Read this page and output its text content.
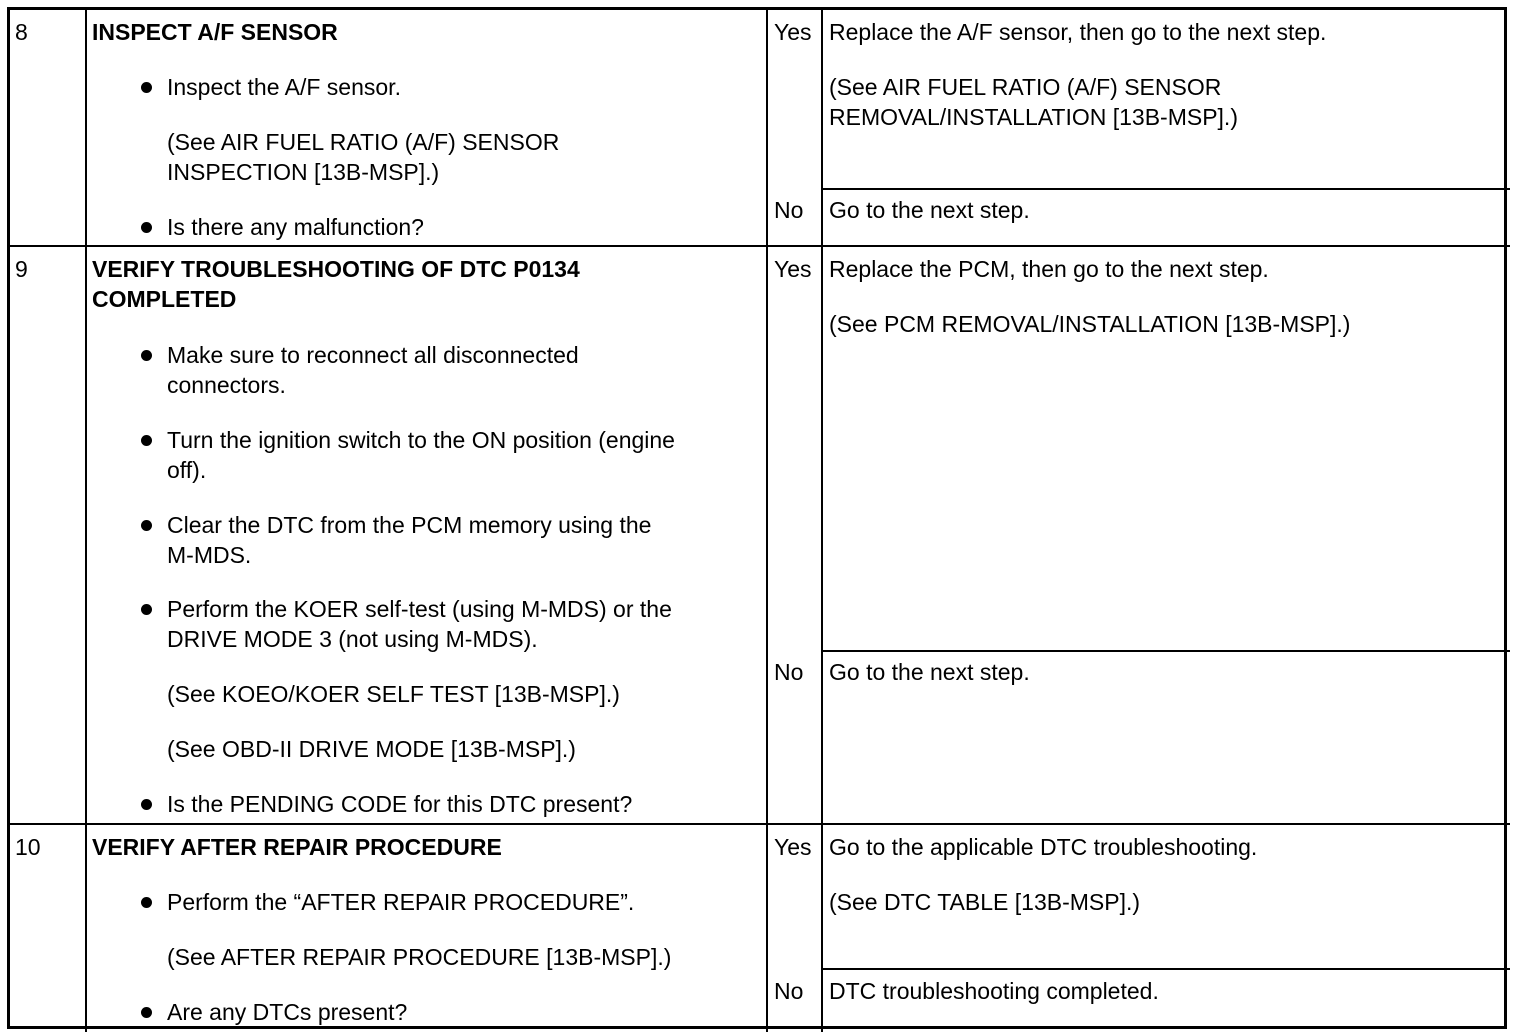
8	INSPECT A/F SENSOR
Inspect the A/F sensor.
(See AIR FUEL RATIO (A/F) SENSOR
INSPECTION [13B-MSP].)
Is there any malfunction?
Yes Replace the A/F sensor, then go to the next step.
(See AIR FUEL RATIO (A/F) SENSOR
REMOVAL/INSTALLATION [13B-MSP].)
No Go to the next step.
9	VERIFY TROUBLESHOOTING OF DTC P0134
COMPLETED
Make sure to reconnect all disconnected
connectors.
Turn the ignition switch to the ON position (engine
off).
Clear the DTC from the PCM memory using the
M-MDS.
Perform the KOER self-test (using M-MDS) or the
DRIVE MODE 3 (not using M-MDS).
(See KOEO/KOER SELF TEST [13B-MSP].)
(See OBD-II DRIVE MODE [13B-MSP].)
Is the PENDING CODE for this DTC present?
Yes Replace the PCM, then go to the next step.
(See PCM REMOVAL/INSTALLATION [13B-MSP].)
No Go to the next step.
10 VERIFY AFTER REPAIR PROCEDURE
Perform the “AFTER REPAIR PROCEDURE”.
(See AFTER REPAIR PROCEDURE [13B-MSP].)
Are any DTCs present?
Yes Go to the applicable DTC troubleshooting.
(See DTC TABLE [13B-MSP].)
No DTC troubleshooting completed.
